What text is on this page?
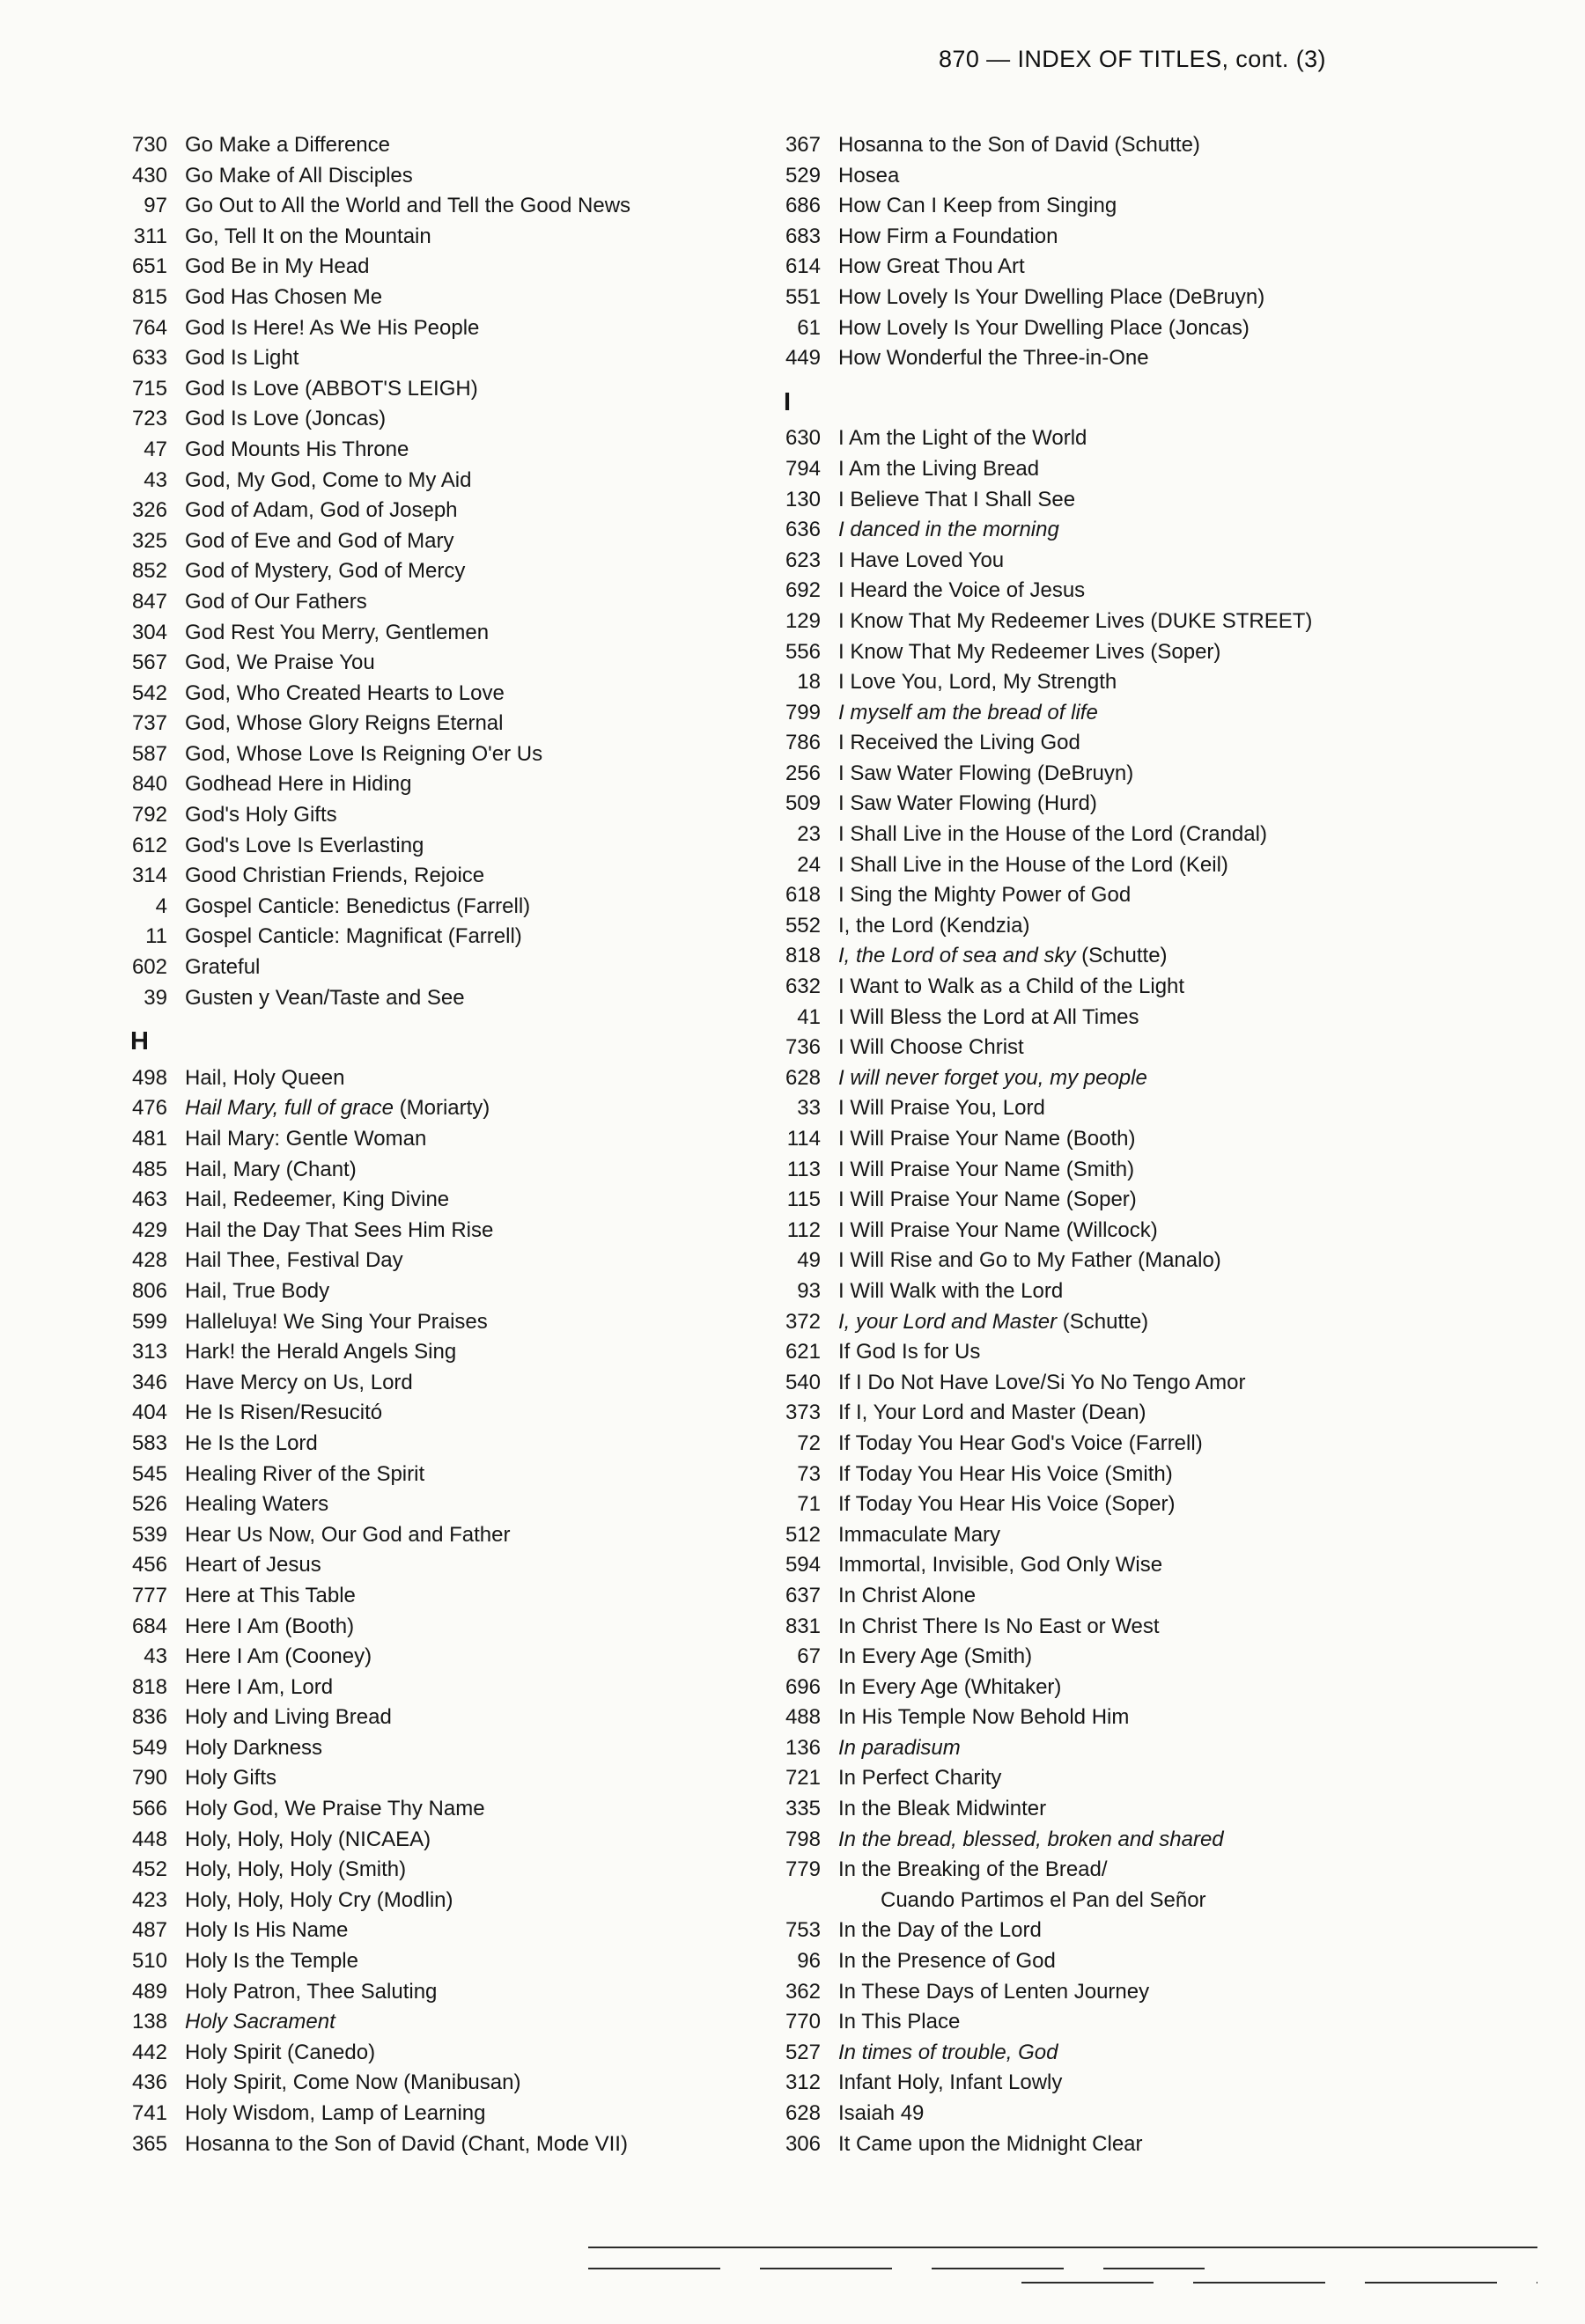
870 — INDEX OF TITLES, cont. (3)
730 Go Make a Difference
430 Go Make of All Disciples
97 Go Out to All the World and Tell the Good News
311 Go, Tell It on the Mountain
651 God Be in My Head
815 God Has Chosen Me
764 God Is Here! As We His People
633 God Is Light
715 God Is Love (ABBOT'S LEIGH)
723 God Is Love (Joncas)
47 God Mounts His Throne
43 God, My God, Come to My Aid
326 God of Adam, God of Joseph
325 God of Eve and God of Mary
852 God of Mystery, God of Mercy
847 God of Our Fathers
304 God Rest You Merry, Gentlemen
567 God, We Praise You
542 God, Who Created Hearts to Love
737 God, Whose Glory Reigns Eternal
587 God, Whose Love Is Reigning O'er Us
840 Godhead Here in Hiding
792 God's Holy Gifts
612 God's Love Is Everlasting
314 Good Christian Friends, Rejoice
4 Gospel Canticle: Benedictus (Farrell)
11 Gospel Canticle: Magnificat (Farrell)
602 Grateful
39 Gusten y Vean/Taste and See
H
498 Hail, Holy Queen
476 Hail Mary, full of grace (Moriarty)
481 Hail Mary: Gentle Woman
485 Hail, Mary (Chant)
463 Hail, Redeemer, King Divine
429 Hail the Day That Sees Him Rise
428 Hail Thee, Festival Day
806 Hail, True Body
599 Halleluya! We Sing Your Praises
313 Hark! the Herald Angels Sing
346 Have Mercy on Us, Lord
404 He Is Risen/Resucitó
583 He Is the Lord
545 Healing River of the Spirit
526 Healing Waters
539 Hear Us Now, Our God and Father
456 Heart of Jesus
777 Here at This Table
684 Here I Am (Booth)
43 Here I Am (Cooney)
818 Here I Am, Lord
836 Holy and Living Bread
549 Holy Darkness
790 Holy Gifts
566 Holy God, We Praise Thy Name
448 Holy, Holy, Holy (NICAEA)
452 Holy, Holy, Holy (Smith)
423 Holy, Holy, Holy Cry (Modlin)
487 Holy Is His Name
510 Holy Is the Temple
489 Holy Patron, Thee Saluting
138 Holy Sacrament
442 Holy Spirit (Canedo)
436 Holy Spirit, Come Now (Manibusan)
741 Holy Wisdom, Lamp of Learning
365 Hosanna to the Son of David (Chant, Mode VII)
367 Hosanna to the Son of David (Schutte)
529 Hosea
686 How Can I Keep from Singing
683 How Firm a Foundation
614 How Great Thou Art
551 How Lovely Is Your Dwelling Place (DeBruyn)
61 How Lovely Is Your Dwelling Place (Joncas)
449 How Wonderful the Three-in-One
I
630 I Am the Light of the World
794 I Am the Living Bread
130 I Believe That I Shall See
636 I danced in the morning
623 I Have Loved You
692 I Heard the Voice of Jesus
129 I Know That My Redeemer Lives (DUKE STREET)
556 I Know That My Redeemer Lives (Soper)
18 I Love You, Lord, My Strength
799 I myself am the bread of life
786 I Received the Living God
256 I Saw Water Flowing (DeBruyn)
509 I Saw Water Flowing (Hurd)
23 I Shall Live in the House of the Lord (Crandal)
24 I Shall Live in the House of the Lord (Keil)
618 I Sing the Mighty Power of God
552 I, the Lord (Kendzia)
818 I, the Lord of sea and sky (Schutte)
632 I Want to Walk as a Child of the Light
41 I Will Bless the Lord at All Times
736 I Will Choose Christ
628 I will never forget you, my people
33 I Will Praise You, Lord
114 I Will Praise Your Name (Booth)
113 I Will Praise Your Name (Smith)
115 I Will Praise Your Name (Soper)
112 I Will Praise Your Name (Willcock)
49 I Will Rise and Go to My Father (Manalo)
93 I Will Walk with the Lord
372 I, your Lord and Master (Schutte)
621 If God Is for Us
540 If I Do Not Have Love/Si Yo No Tengo Amor
373 If I, Your Lord and Master (Dean)
72 If Today You Hear God's Voice (Farrell)
73 If Today You Hear His Voice (Smith)
71 If Today You Hear His Voice (Soper)
512 Immaculate Mary
594 Immortal, Invisible, God Only Wise
637 In Christ Alone
831 In Christ There Is No East or West
67 In Every Age (Smith)
696 In Every Age (Whitaker)
488 In His Temple Now Behold Him
136 In paradisum
721 In Perfect Charity
335 In the Bleak Midwinter
798 In the bread, blessed, broken and shared
779 In the Breaking of the Bread/
Cuando Partimos el Pan del Señor
753 In the Day of the Lord
96 In the Presence of God
362 In These Days of Lenten Journey
770 In This Place
527 In times of trouble, God
312 Infant Holy, Infant Lowly
628 Isaiah 49
306 It Came upon the Midnight Clear
